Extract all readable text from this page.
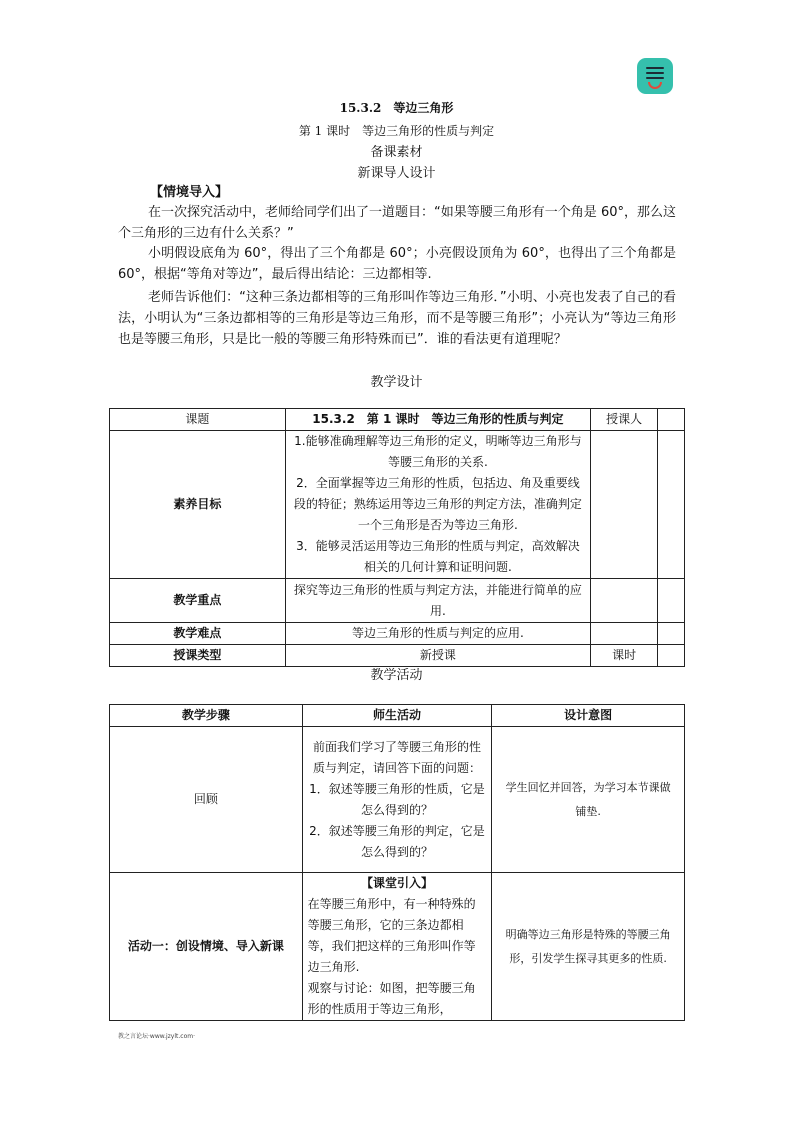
15.3.2　等边三角形
第 1 课时　等边三角形的性质与判定
备课素材
新课导人设计
【情境导入】
在一次探究活动中，老师给同学们出了一道题目：“如果等腰三角形有一个角是 60°，那么这个三角形的三边有什么关系？”
小明假设底角为 60°，得出了三个角都是 60°；小亮假设顶角为 60°，也得出了三个角都是 60°，根据“等角对等边”，最后得出结论：三边都相等.
老师告诉他们：“这种三条边都相等的三角形叫作等边三角形．”小明、小亮也发表了自己的看法，小明认为“三条边都相等的三角形是等边三角形，而不是等腰三角形”；小亮认为“等边三角形也是等腰三角形，只是比一般的等腰三角形特殊而已”．谁的看法更有道理呢？
教学设计
课题	15.3.2　第 1 课时　等边三角形的性质与判定	授课人	
素养目标	1.能够准确理解等边三角形的定义，明晰等边三角形与等腰三角形的关系.
2．全面掌握等边三角形的性质，包括边、角及重要线段的特征；熟练运用等边三角形的判定方法，准确判定一个三角形是否为等边三角形.
3．能够灵活运用等边三角形的性质与判定，高效解决相关的几何计算和证明问题.		

教学重点	探究等边三角形的性质与判定方法，并能进行简单的应用.		
教学难点	等边三角形的性质与判定的应用.		
授课类型	新授课	课时	
教学活动
教学步骤	师生活动	设计意图
回顾	前面我们学习了等腰三角形的性质与判定，请回答下面的问题：
1．叙述等腰三角形的性质，它是怎么得到的？
2．叙述等腰三角形的判定，它是怎么得到的？	学生回忆并回答，为学习本节课做铺垫.
活动一：创设情境、导入新课	【课堂引入】
在等腰三角形中，有一种特殊的等腰三角形，它的三条边都相等，我们把这样的三角形叫作等边三角形.
观察与讨论：如图，把等腰三角形的性质用于等边三角形，	明确等边三角形是特殊的等腰三角形，引发学生探寻其更多的性质.
教之言论坛·www.jzylt.com·
